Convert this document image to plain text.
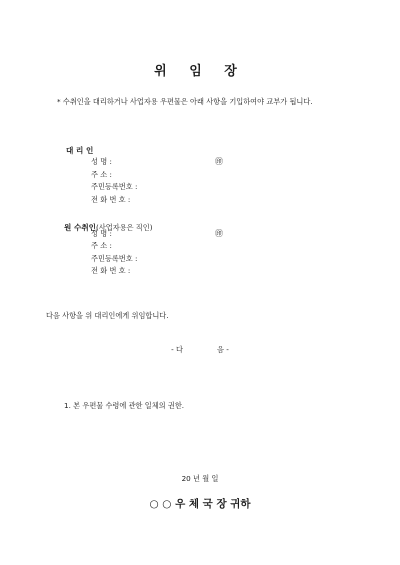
위 임 장
* 수취인을 대리하거나 사업자용 우편물은 아래 사항을 기입하여야 교부가 됩니다.
대 리 인
성 명 :	㊞
주 소 :
주민등록번호 :
전 화 번 호 :
원 수취인(사업자용은 직인)
성 명 :	㊞
주 소 :
주민등록번호 :
전 화 번 호 :
다음 사항을 위 대리인에게 위임합니다.
- 다	음 -
1. 본 우편물 수령에 관한 일체의 권한.
20 년 월 일
○ ○ 우 체 국 장 귀하
